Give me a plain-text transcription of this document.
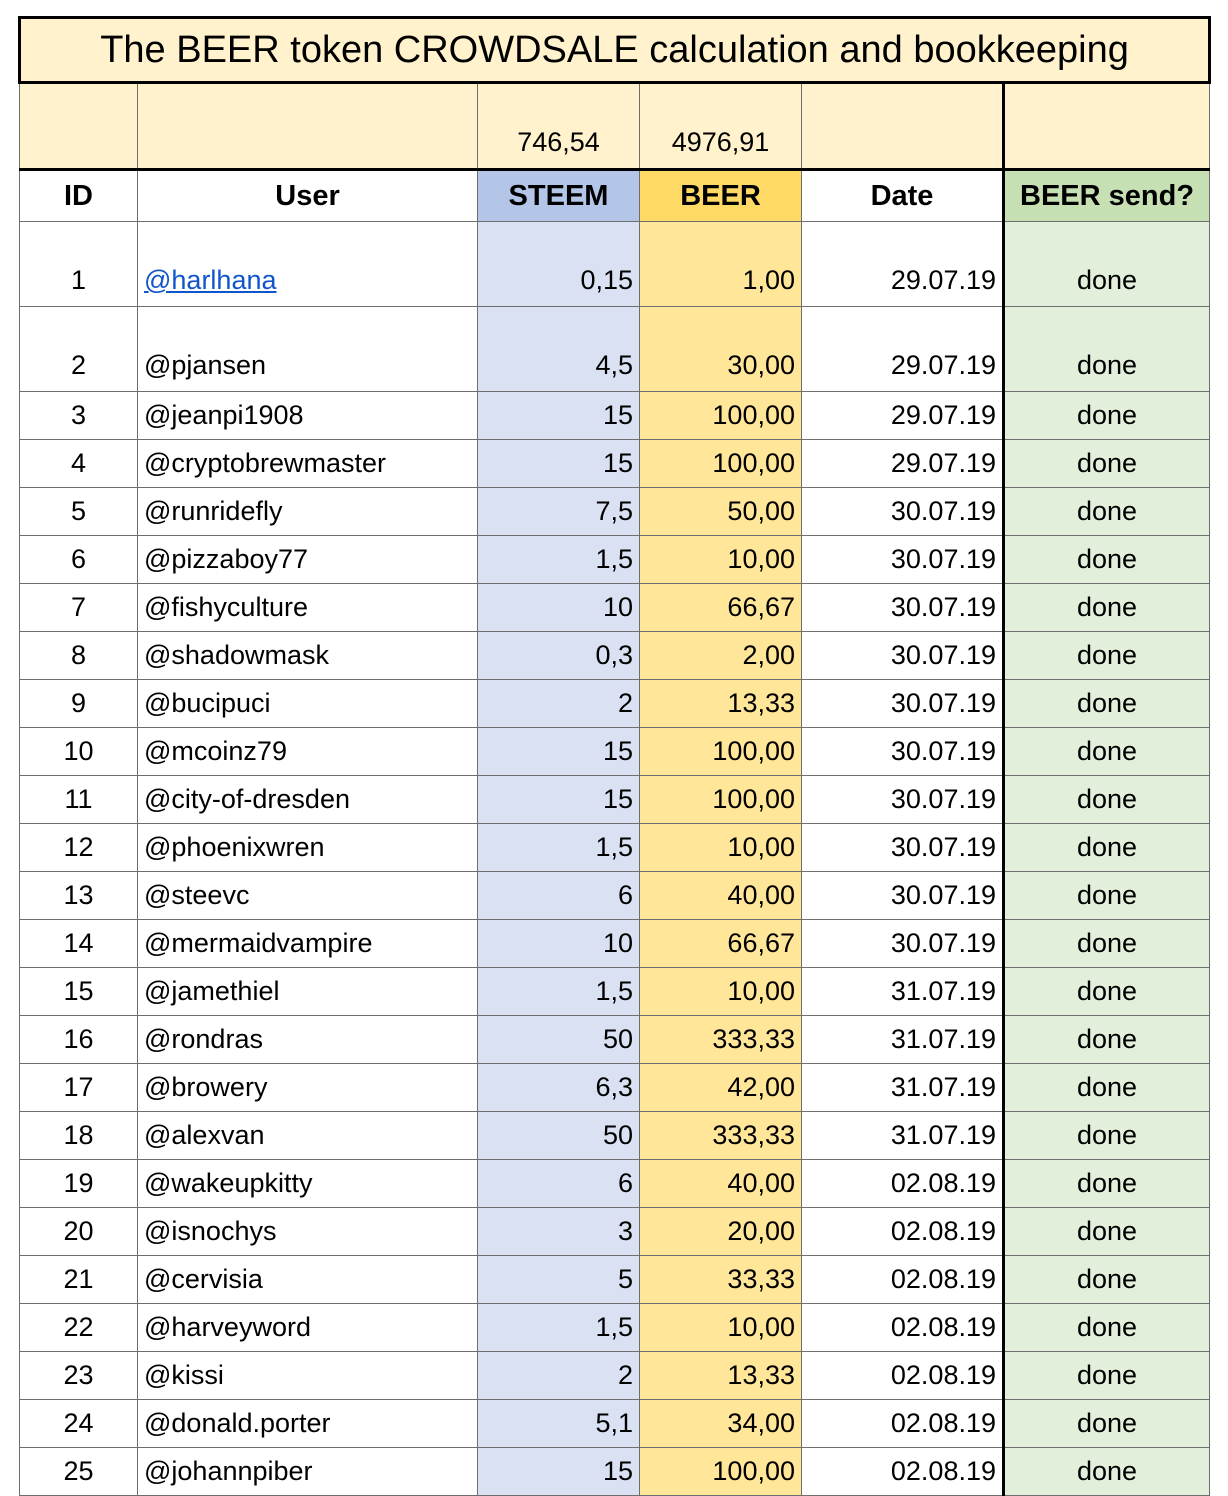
The BEER token CROWDSALE calculation and bookkeeping					
		746,54	4976,91		
ID	User	STEEM	BEER	Date	BEER send?
1	@harlhana	0,15	1,00	29.07.19	done
2	@pjansen	4,5	30,00	29.07.19	done
3	@jeanpi1908	15	100,00	29.07.19	done
4	@cryptobrewmaster	15	100,00	29.07.19	done
5	@runridefly	7,5	50,00	30.07.19	done
6	@pizzaboy77	1,5	10,00	30.07.19	done
7	@fishyculture	10	66,67	30.07.19	done
8	@shadowmask	0,3	2,00	30.07.19	done
9	@bucipuci	2	13,33	30.07.19	done
10	@mcoinz79	15	100,00	30.07.19	done
11	@city-of-dresden	15	100,00	30.07.19	done
12	@phoenixwren	1,5	10,00	30.07.19	done
13	@steevc	6	40,00	30.07.19	done
14	@mermaidvampire	10	66,67	30.07.19	done
15	@jamethiel	1,5	10,00	31.07.19	done
16	@rondras	50	333,33	31.07.19	done
17	@browery	6,3	42,00	31.07.19	done
18	@alexvan	50	333,33	31.07.19	done
19	@wakeupkitty	6	40,00	02.08.19	done
20	@isnochys	3	20,00	02.08.19	done
21	@cervisia	5	33,33	02.08.19	done
22	@harveyword	1,5	10,00	02.08.19	done
23	@kissi	2	13,33	02.08.19	done
24	@donald.porter	5,1	34,00	02.08.19	done
25	@johannpiber	15	100,00	02.08.19	done
